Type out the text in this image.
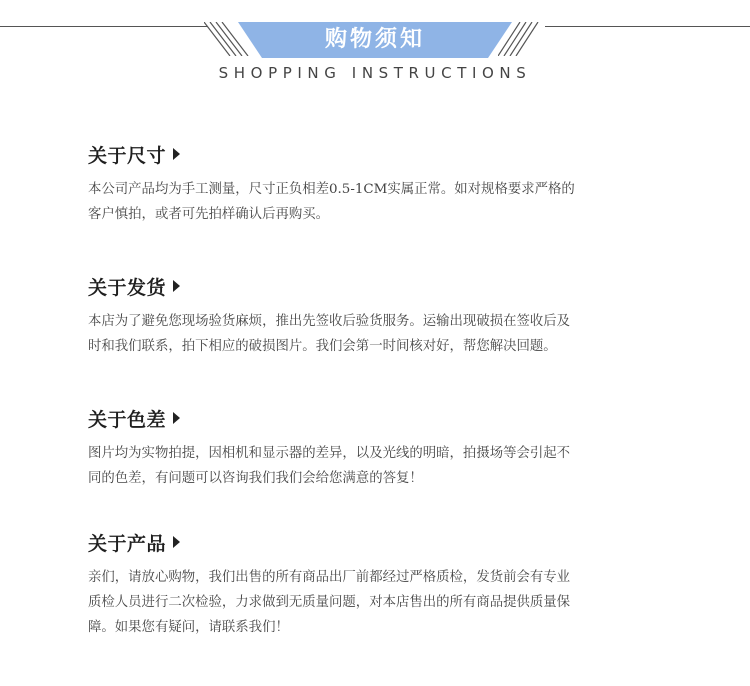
购物须知
SHOPPING INSTRUCTIONS
关于尺寸
本公司产品均为手工测量，尺寸正负相差0.5-1CM实属正常。如对规格要求严格的
客户慎拍，或者可先拍样确认后再购买。
关于发货
本店为了避免您现场验货麻烦，推出先签收后验货服务。运输出现破损在签收后及
时和我们联系，拍下相应的破损图片。我们会第一时间核对好，帮您解决回题。
关于色差
图片均为实物拍提，因相机和显示器的差异，以及光线的明暗，拍摄场等会引起不
同的色差，有问题可以咨询我们我们会给您满意的答复！
关于产品
亲们，请放心购物，我们出售的所有商品出厂前都经过严格质检，发货前会有专业
质检人员进行二次检验，力求做到无质量问题，对本店售出的所有商品提供质量保
障。如果您有疑问，请联系我们！
